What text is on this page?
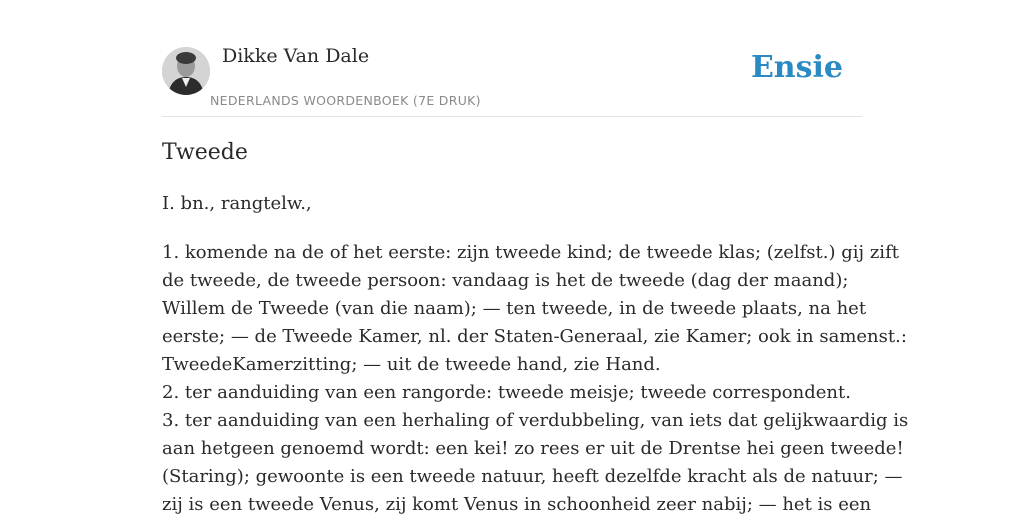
Dikke Van Dale
NEDERLANDS WOORDENBOEK (7E DRUK)
Ensie
Tweede
I. bn., rangtelw.,
1. komende na de of het eerste: zijn tweede kind; de tweede klas; (zelfst.) gij zift
de tweede, de tweede persoon: vandaag is het de tweede (dag der maand);
Willem de Tweede (van die naam); — ten tweede, in de tweede plaats, na het
eerste; — de Tweede Kamer, nl. der Staten-Generaal, zie Kamer; ook in samenst.:
TweedeKamerzitting; — uit de tweede hand, zie Hand.
2. ter aanduiding van een rangorde: tweede meisje; tweede correspondent.
3. ter aanduiding van een herhaling of verdubbeling, van iets dat gelijkwaardig is
aan hetgeen genoemd wordt: een kei! zo rees er uit de Drentse hei geen tweede!
(Staring); gewoonte is een tweede natuur, heeft dezelfde kracht als de natuur; —
zij is een tweede Venus, zij komt Venus in schoonheid zeer nabij; — het is een
